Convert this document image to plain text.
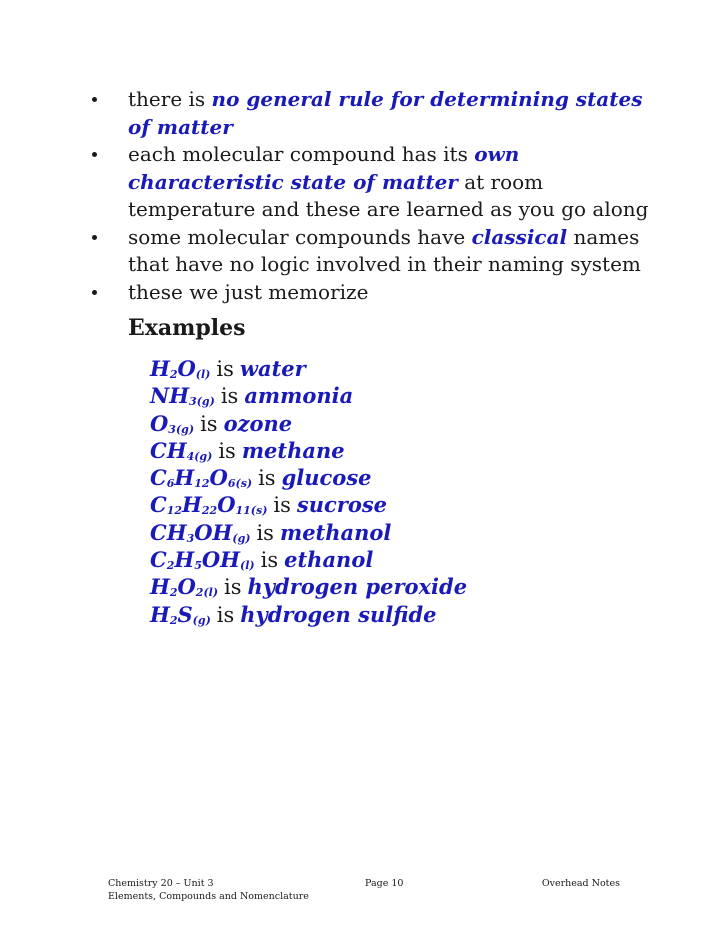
there is no general rule for determining states of matter
each molecular compound has its own characteristic state of matter at room temperature and these are learned as you go along
some molecular compounds have classical names that have no logic involved in their naming system
these we just memorize
Examples
$H_2O_{(l)}$ is water
$NH_{3(g)}$ is ammonia
$O_{3(g)}$ is ozone
$CH_{4(g)}$ is methane
$C_6H_{12}O_{6(s)}$ is glucose
$C_{12}H_{22}O_{11(s)}$ is sucrose
$CH_3OH_{(g)}$ is methanol
$C_2H_5OH_{(l)}$ is ethanol
$H_2O_{2(l)}$ is hydrogen peroxide
$H_2S_{(g)}$ is hydrogen sulfide
Chemistry 20 – Unit 3
Elements, Compounds and Nomenclature
Page 10	Overhead Notes
